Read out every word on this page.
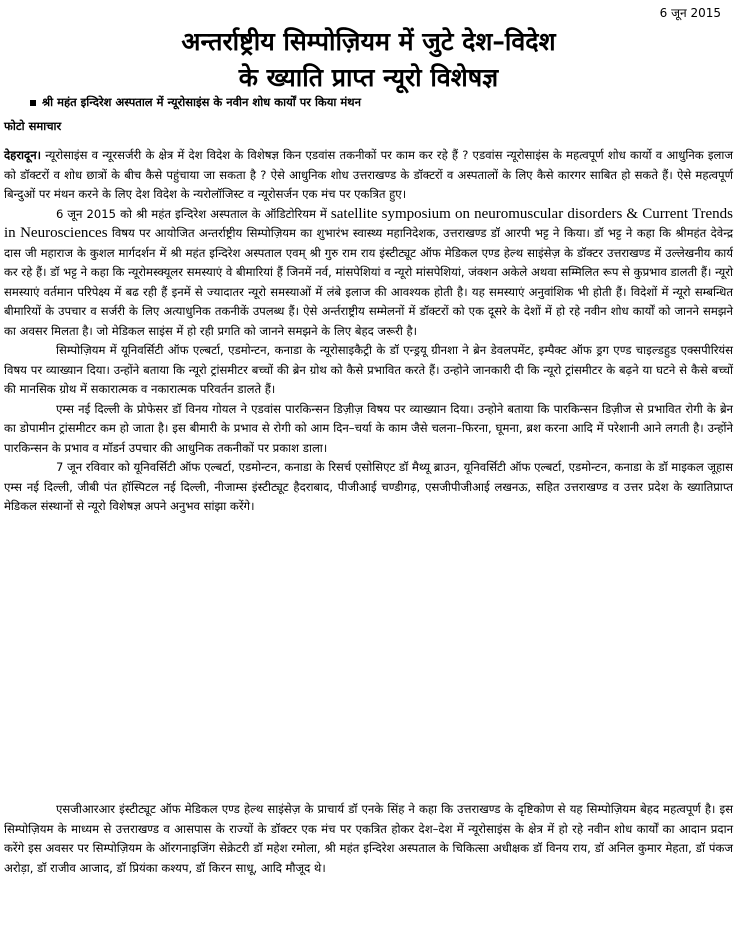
6 जून 2015
अन्तर्राष्ट्रीय सिम्पोज़ियम में जुटे देश–विदेश
के ख्याति प्राप्त न्यूरो विशेषज्ञ
श्री महंत इन्दिरेश अस्पताल में न्यूरोसाइंस के नवीन शोध कार्यों पर किया मंथन
फोटो समाचार

देहरादून। न्यूरोसाइंस व न्यूरसर्जरी के क्षेत्र में देश विदेश के विशेषज्ञ किन एडवांस तकनीकों पर काम कर रहे हैं ? एडवांस न्यूरोसाइंस के महत्वपूर्ण शोध कार्यो व आधुनिक इलाज को डॉक्टरों व शोध छात्रों के बीच कैसे पहुंचाया जा सकता है ? ऐसे आधुनिक शोध उत्तराखण्ड के डॉक्टरों व अस्पतालों के लिए कैसे कारगर साबित हो सकते हैं। ऐसे महत्वपूर्ण बिन्दुओं पर मंथन करने के लिए देश विदेश के न्यरोलॉजिस्ट व न्यूरोसर्जन एक मंच पर एकत्रित हुए।

6 जून 2015 को श्री महंत इन्दिरेश अस्पताल के ऑडिटोरियम में satellite symposium on neuromuscular disorders & Current Trends in Neurosciences विषय पर आयोजित अन्तर्राष्ट्रीय सिम्पोज़ियम का शुभारंभ स्वास्थ्य महानिदेशक, उत्तराखण्ड डॉ आरपी भट्ट ने किया। डॉ भट्ट ने कहा कि श्रीमहंत देवेन्द्र दास जी महाराज के कुशल मार्गदर्शन में श्री महंत इन्दिरेश अस्पताल एवम् श्री गुरु राम राय इंस्टीट्यूट ऑफ मेडिकल एण्ड हेल्थ साइंसेज़ के डॉक्टर उत्तराखण्ड में उल्लेखनीय कार्य कर रहे हैं। डॉ भट्ट ने कहा कि न्यूरोमस्क्यूलर समस्याएं वे बीमारियां हैं जिनमें नर्व, मांसपेशियां व न्यूरो मांसपेशियां, जंक्शन अकेले अथवा सम्मिलित रूप से कुप्रभाव डालती हैं। न्यूरो समस्याएं वर्तमान परिपेक्ष्य में बढ रही हैं इनमें से ज्यादातर न्यूरो समस्याओं में लंबे इलाज की आवश्यक होती है। यह समस्याएं अनुवांशिक भी होती हैं। विदेशों में न्यूरो सम्बन्धित बीमारियों के उपचार व सर्जरी के लिए अत्याधुनिक तकनीकें उपलब्ध हैं। ऐसे अर्न्तराष्ट्रीय सम्मेलनों में डॉक्टरों को एक दूसरे के देशों में हो रहे नवीन शोध कार्यों को जानने समझने का अवसर मिलता है। जो मेडिकल साइंस में हो रही प्रगति को जानने समझने के लिए बेहद जरूरी है।

सिम्पोज़ियम में यूनिवर्सिटी ऑफ एल्बर्टा, एडमोन्टन, कनाडा के न्यूरोसाइकैट्री के डॉ एन्ड्रयू ग्रीनशा ने ब्रेन डेवलपमेंट, इम्पैक्ट ऑफ ड्रग एण्ड चाइल्डहुड एक्सपीरियंस विषय पर व्याख्यान दिया। उन्होंने बताया कि न्यूरो ट्रांसमीटर बच्चों की ब्रेन ग्रोथ को कैसे प्रभावित करते हैं। उन्होने जानकारी दी कि न्यूरो ट्रांसमीटर के बढ़ने या घटने से कैसे बच्चों की मानसिक ग्रोथ में सकारात्मक व नकारात्मक परिवर्तन डालते हैं।

एम्स नई दिल्ली के प्रोफेसर डॉ विनय गोयल ने एडवांस पारकिन्सन डिज़ीज़ विषय पर व्याख्यान दिया। उन्होने बताया कि पारकिन्सन डिज़ीज से प्रभावित रोगी के ब्रेन का डोपामीन ट्रांसमीटर कम हो जाता है। इस बीमारी के प्रभाव से रोगी को आम दिन–चर्या के काम जैसे चलना–फिरना, घूमना, ब्रश करना आदि में परेशानी आने लगती है। उन्होंने पारकिन्सन के प्रभाव व मॉडर्न उपचार की आधुनिक तकनीकों पर प्रकाश डाला।

7 जून रविवार को यूनिवर्सिटी ऑफ एल्बर्टा, एडमोन्टन, कनाडा के रिसर्च एसोसिएट डॉ मैथ्यू ब्राउन, यूनिवर्सिटी ऑफ एल्बर्टा, एडमोन्टन, कनाडा के डॉ माइकल जूहास एम्स नई दिल्ली, जीबी पंत हॉस्पिटल नई दिल्ली, नीजाम्स इंस्टीट्यूट हैदराबाद, पीजीआई चण्डीगढ़, एसजीपीजीआई लखनऊ, सहित उत्तराखण्ड व उत्तर प्रदेश के ख्यातिप्राप्त मेडिकल संस्थानों से न्यूरो विशेषज्ञ अपने अनुभव सांझा करेंगे।

एसजीआरआर इंस्टीट्यूट ऑफ मेडिकल एण्ड हेल्थ साइंसेज़ के प्राचार्य डॉ एनके सिंह ने कहा कि उत्तराखण्ड के दृष्टिकोण से यह सिम्पोज़ियम बेहद महत्वपूर्ण है। इस सिम्पोज़ियम के माध्यम से उत्तराखण्ड व आसपास के राज्यों के डॉक्टर एक मंच पर एकत्रित होकर देश–देश में न्यूरोसाइंस के क्षेत्र में हो रहे नवीन शोध कार्यों का आदान प्रदान करेंगे इस अवसर पर सिम्पोज़ियम के ऑरगनाइजिंग सेक्रेटरी डॉ महेश रमोला, श्री महंत इन्दिरेश अस्पताल के चिकित्सा अधीक्षक डॉ विनय राय, डॉ अनिल कुमार मेहता, डॉ पंकज अरोड़ा, डॉ राजीव आजाद, डॉ प्रियंका कश्यप, डॉ किरन साधू, आदि मौजूद थे।
